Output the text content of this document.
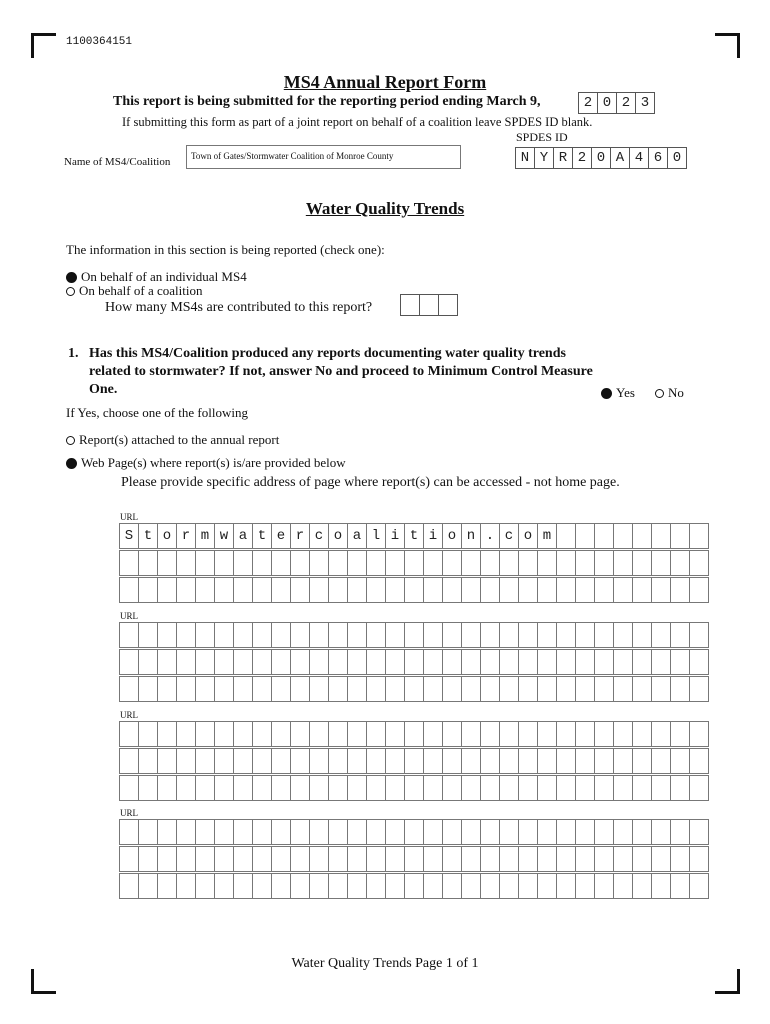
1100364151
MS4 Annual Report Form
This report is being submitted for the reporting period ending March 9,	2 0 2 3
If submitting this form as part of a joint report on behalf of a coalition leave SPDES ID blank.
SPDES ID
N Y R 2 0 A 4 6 0
Name of MS4/Coalition	Town of Gates/Stormwater Coalition of Monroe County
Water Quality Trends
The information in this section is being reported (check one):
On behalf of an individual MS4
On behalf of a coalition
How many MS4s are contributed to this report?
1. Has this MS4/Coalition produced any reports documenting water quality trends
related to stormwater? If not, answer No and proceed to Minimum Control Measure
One.	Yes	No
If Yes, choose one of the following
Report(s) attached to the annual report
Web Page(s) where report(s) is/are provided below
Please provide specific address of page where report(s) can be accessed - not home page.
URL
S t o r m w a t e r c o a l i t i o n . c o m
URL
URL
URL
Water Quality Trends Page 1 of 1
